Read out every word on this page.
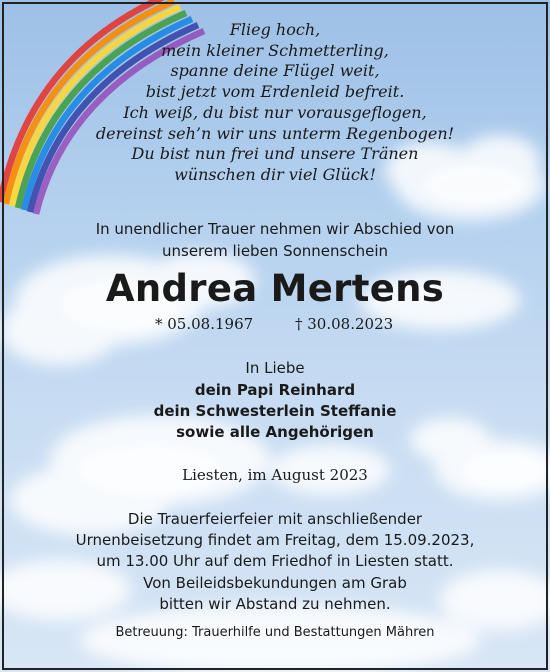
Flieg hoch,
mein kleiner Schmetterling,
spanne deine Flügel weit,
bist jetzt vom Erdenleid befreit.
Ich weiß, du bist nur vorausgeflogen,
dereinst seh’n wir uns unterm Regenbogen!
Du bist nun frei und unsere Tränen
wünschen dir viel Glück!
In unendlicher Trauer nehmen wir Abschied von
unserem lieben Sonnenschein
Andrea Mertens
* 05.08.1967	† 30.08.2023
In Liebe
dein Papi Reinhard
dein Schwesterlein Steffanie
sowie alle Angehörigen
Liesten, im August 2023
Die Trauerfeierfeier mit anschließender
Urnenbeisetzung findet am Freitag, dem 15.09.2023,
um 13.00 Uhr auf dem Friedhof in Liesten statt.
Von Beileidsbekundungen am Grab
bitten wir Abstand zu nehmen.
Betreuung: Trauerhilfe und Bestattungen Mähren
